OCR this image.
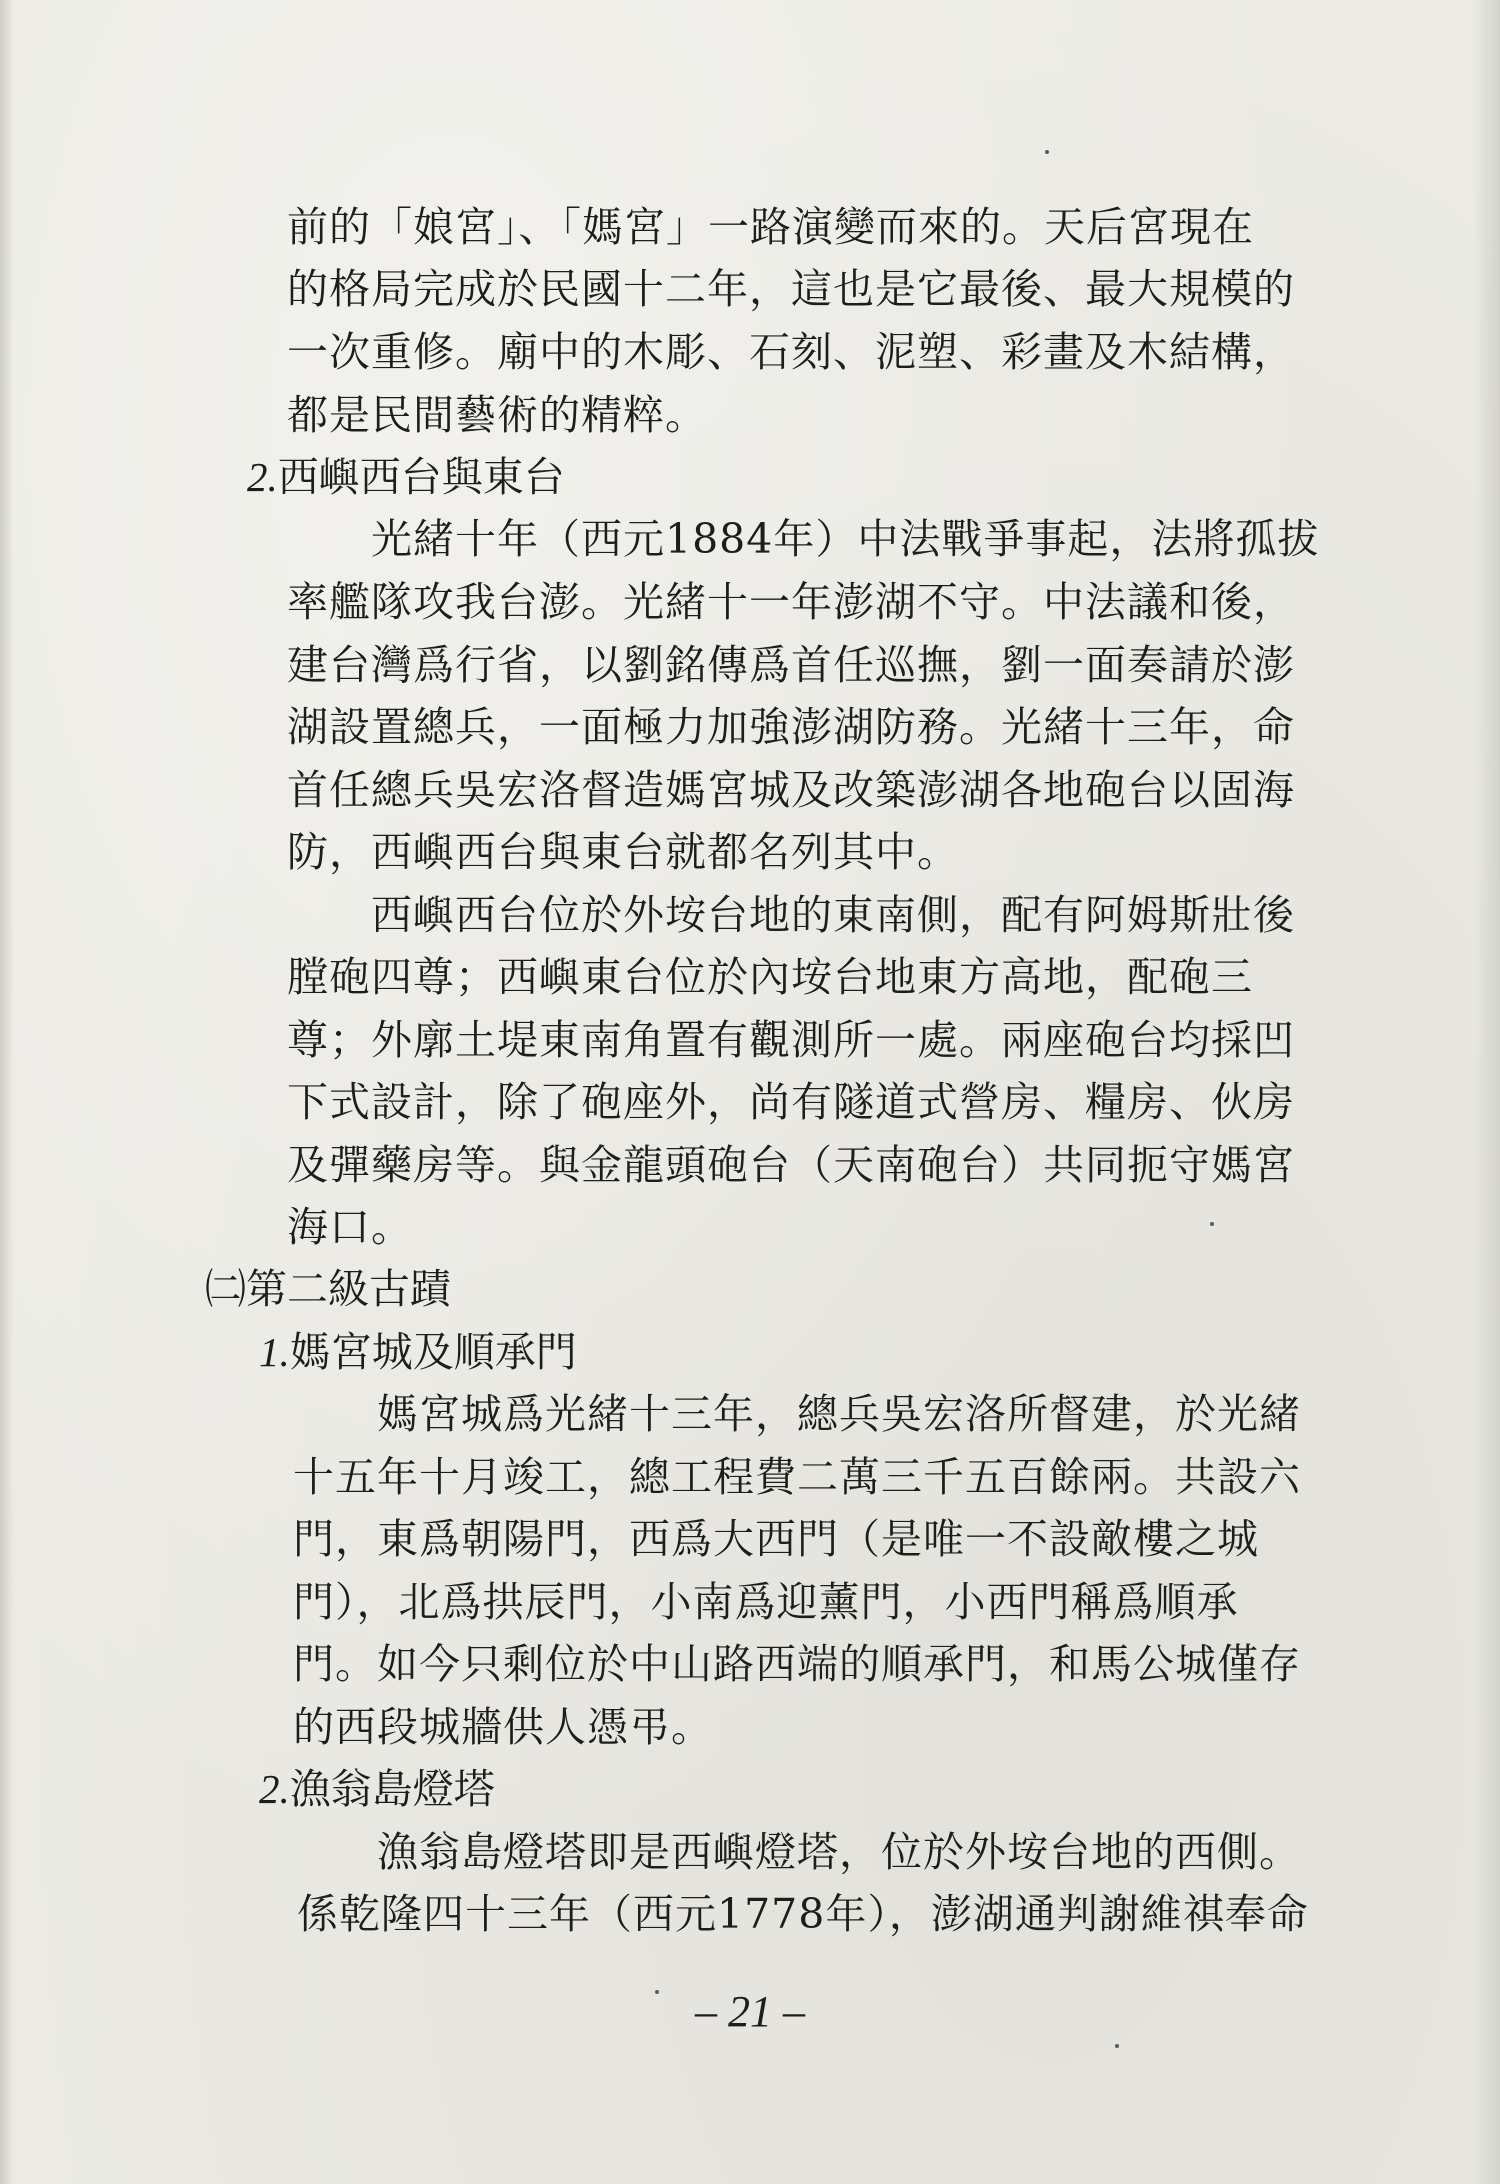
前的「娘宮」、「媽宮」一路演變而來的。天后宮現在
的格局完成於民國十二年，這也是它最後、最大規模的
一次重修。廟中的木彫、石刻、泥塑、彩畫及木結構，
都是民間藝術的精粹。
2.西嶼西台與東台
光緒十年（西元1884年）中法戰爭事起，法將孤拔
率艦隊攻我台澎。光緒十一年澎湖不守。中法議和後，
建台灣爲行省，以劉銘傳爲首任巡撫，劉一面奏請於澎
湖設置總兵，一面極力加強澎湖防務。光緒十三年，命
首任總兵吳宏洛督造媽宮城及改築澎湖各地砲台以固海
防，西嶼西台與東台就都名列其中。
西嶼西台位於外垵台地的東南側，配有阿姆斯壯後
膛砲四尊；西嶼東台位於內垵台地東方高地，配砲三
尊；外廓土堤東南角置有觀測所一處。兩座砲台均採凹
下式設計，除了砲座外，尚有隧道式營房、糧房、伙房
及彈藥房等。與金龍頭砲台（天南砲台）共同扼守媽宮
海口。
㈡第二級古蹟
1.媽宮城及順承門
媽宮城爲光緒十三年，總兵吳宏洛所督建，於光緒
十五年十月竣工，總工程費二萬三千五百餘兩。共設六
門，東爲朝陽門，西爲大西門（是唯一不設敵樓之城
門），北爲拱辰門，小南爲迎薰門，小西門稱爲順承
門。如今只剩位於中山路西端的順承門，和馬公城僅存
的西段城牆供人憑弔。
2.漁翁島燈塔
漁翁島燈塔即是西嶼燈塔，位於外垵台地的西側。
係乾隆四十三年（西元1778年），澎湖通判謝維祺奉命
– 21 –
